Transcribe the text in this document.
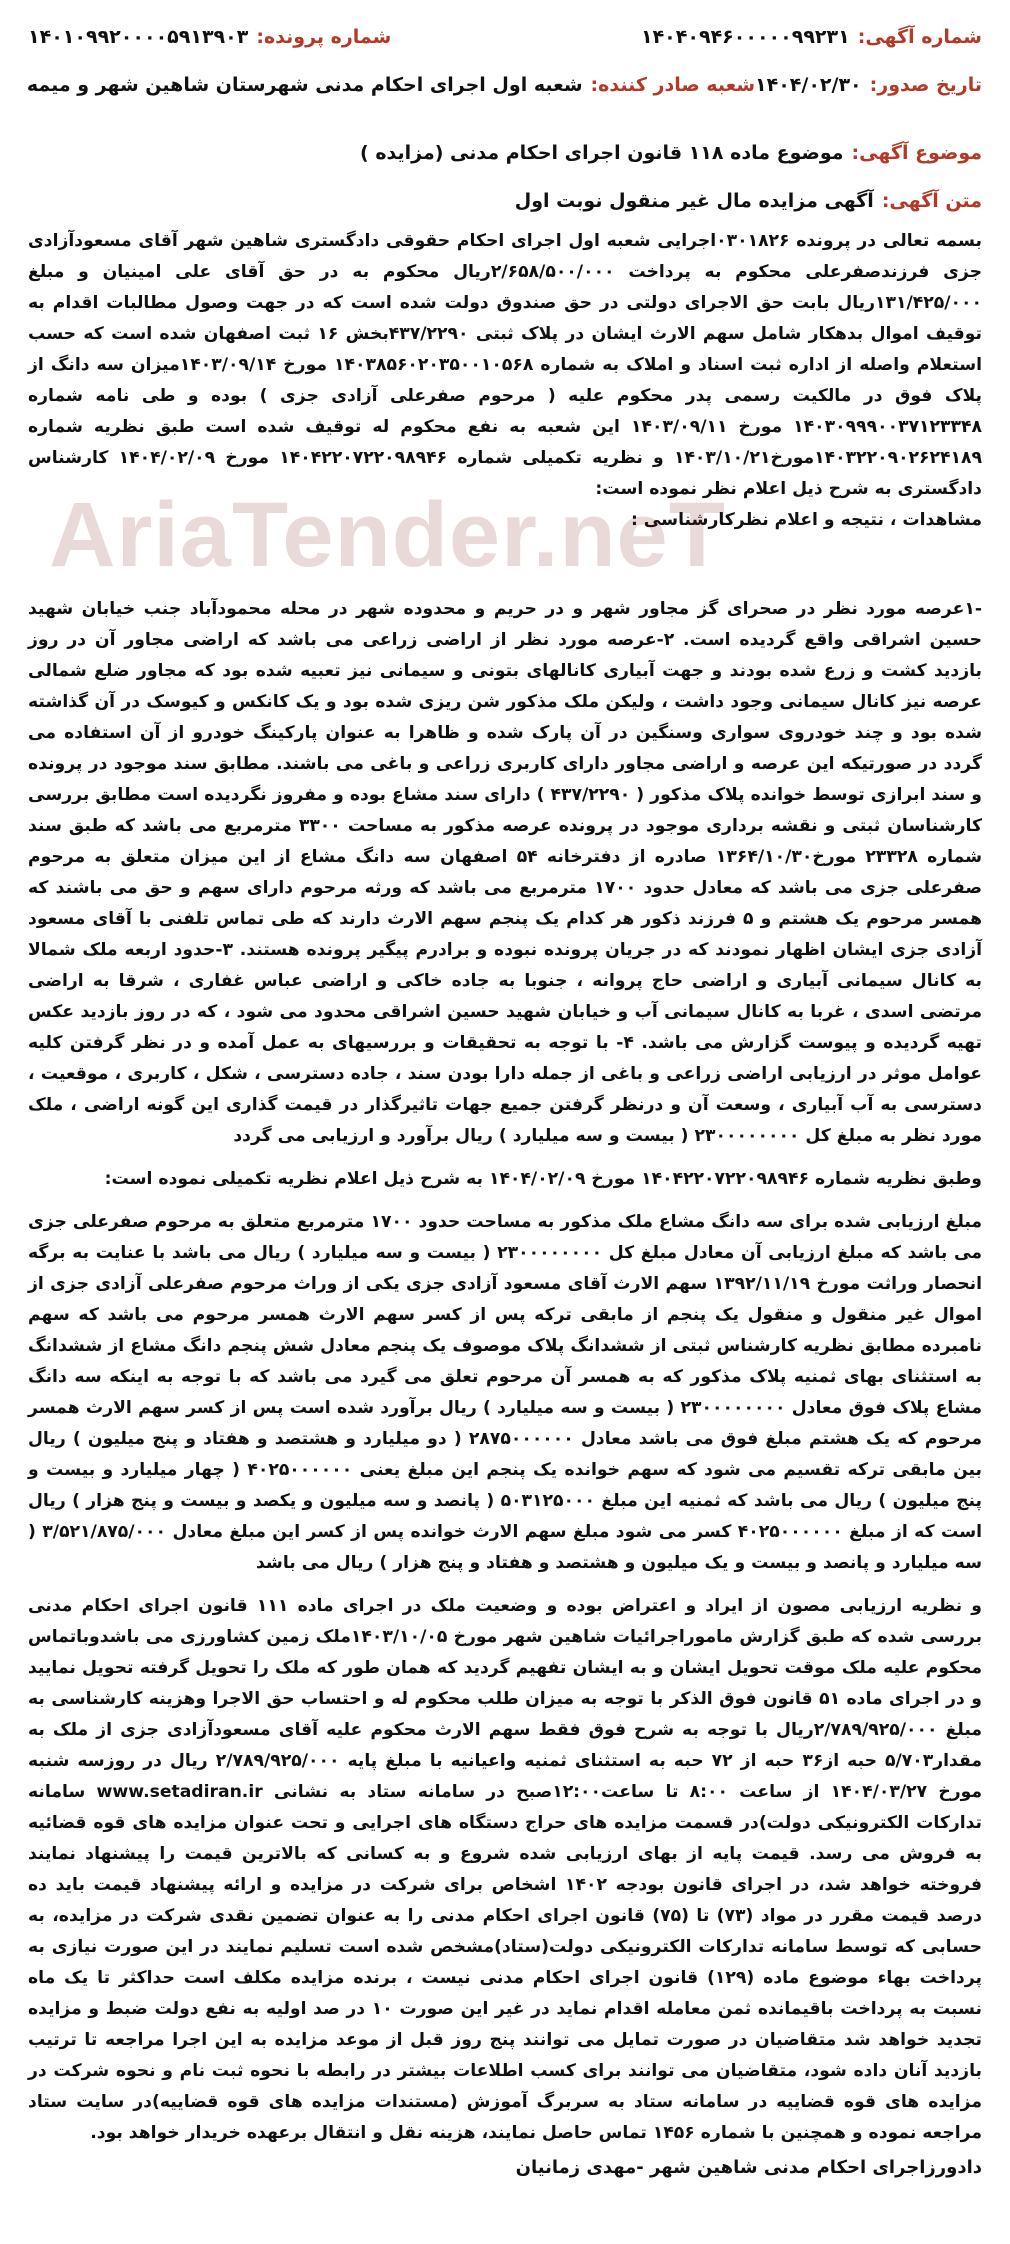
AriaTender.neT
شماره آگهی:
۱۴۰۴۰۹۴۶۰۰۰۰۰۹۹۲۳۱
شماره پرونده:
۱۴۰۱۰۹۹۲۰۰۰۰۵۹۱۳۹۰۳
تاریخ صدور:
۱۴۰۴/۰۲/۳۰
شعبه صادر کننده:
شعبه اول اجرای احکام مدنی شهرستان شاهین شهر و میمه
موضوع آگهی:
موضوع ماده ۱۱۸ قانون اجرای احکام مدنی (مزایده )
متن آگهی:
آگهی مزایده مال غیر منقول نوبت اول

بسمه تعالی در پرونده ۰۳۰۱۸۲۶اجرایی شعبه اول اجرای احکام حقوقی دادگستری شاهین شهر آقای مسعودآزادی جزی فرزندصفرعلی محکوم به پرداخت ۲/۶۵۸/۵۰۰/۰۰۰ریال محکوم به در حق آقای علی امینیان و مبلغ ۱۳۱/۴۲۵/۰۰۰ریال بابت حق الاجرای دولتی در حق صندوق دولت شده است که در جهت وصول مطالبات اقدام به توقیف اموال بدهکار شامل سهم الارث ایشان در پلاک ثبتی ۴۳۷/۲۲۹۰بخش ۱۶ ثبت اصفهان شده است که حسب استعلام واصله از اداره ثبت اسناد و املاک به شماره ۱۴۰۳۸۵۶۰۲۰۳۵۰۰۱۰۵۶۸ مورخ ۱۴۰۳/۰۹/۱۴میزان سه دانگ از پلاک فوق در مالکیت رسمی پدر محکوم علیه ( مرحوم صفرعلی آزادی جزی ) بوده و طی نامه شماره ۱۴۰۳۰۹۹۹۰۰۳۷۱۲۳۳۴۸ مورخ ۱۴۰۳/۰۹/۱۱ این شعبه به نفع محکوم له توقیف شده است طبق نظریه شماره ۱۴۰۳۲۲۰۹۰۲۶۲۴۱۸۹مورخ۱۴۰۳/۱۰/۲۱ و نظریه تکمیلی شماره ۱۴۰۴۲۲۰۷۲۲۰۹۸۹۴۶ مورخ ۱۴۰۴/۰۲/۰۹ کارشناس دادگستری به شرح ذیل اعلام نظر نموده است:

مشاهدات ، نتیجه و اعلام نظرکارشناسی :

-۱عرصه مورد نظر در صحرای گز مجاور شهر و در حریم و محدوده شهر در محله محمودآباد جنب خیابان شهید حسین اشراقی واقع گردیده است. ۲-عرصه مورد نظر از اراضی زراعی می باشد که اراضی مجاور آن در روز بازدید کشت و زرع شده بودند و جهت آبیاری کانالهای بتونی و سیمانی نیز تعبیه شده بود که مجاور ضلع شمالی عرصه نیز کانال سیمانی وجود داشت ، ولیکن ملک مذکور شن ریزی شده بود و یک کانکس و کیوسک در آن گذاشته شده بود و چند خودروی سواری وسنگین در آن پارک شده و ظاهرا به عنوان پارکینگ خودرو از آن استفاده می گردد در صورتیکه این عرصه و اراضی مجاور دارای کاربری زراعی و باغی می باشند. مطابق سند موجود در پرونده و سند ابرازی توسط خوانده پلاک مذکور ( ۴۳۷/۲۲۹۰ ) دارای سند مشاع بوده و مفروز نگردیده است مطابق بررسی کارشناسان ثبتی و نقشه برداری موجود در پرونده عرصه مذکور به مساحت ۳۳۰۰ مترمربع می باشد که طبق سند شماره ۲۳۳۲۸ مورخ۱۳۶۴/۱۰/۳۰ صادره از دفترخانه ۵۴ اصفهان سه دانگ مشاع از این میزان متعلق به مرحوم صفرعلی جزی می باشد که معادل حدود ۱۷۰۰ مترمربع می باشد که ورثه مرحوم دارای سهم و حق می باشند که همسر مرحوم یک هشتم و ۵ فرزند ذکور هر کدام یک پنجم سهم الارث دارند که طی تماس تلفنی با آقای مسعود آزادی جزی ایشان اظهار نمودند که در جریان پرونده نبوده و برادرم پیگیر پرونده هستند. ۳-حدود اربعه ملک شمالا به کانال سیمانی آبیاری و اراضی حاج پروانه ، جنوبا به جاده خاکی و اراضی عباس غفاری ، شرقا به اراضی مرتضی اسدی ، غربا به کانال سیمانی آب و خیابان شهید حسین اشراقی محدود می شود ، که در روز بازدید عکس تهیه گردیده و پیوست گزارش می باشد. ۴- با توجه به تحقیقات و بررسیهای به عمل آمده و در نظر گرفتن کلیه عوامل موثر در ارزیابی اراضی زراعی و باغی از جمله دارا بودن سند ، جاده دسترسی ، شکل ، کاربری ، موقعیت ، دسترسی به آب آبیاری ، وسعت آن و درنظر گرفتن جمیع جهات تاثیرگذار در قیمت گذاری این گونه اراضی ، ملک مورد نظر به مبلغ کل ۲۳۰۰۰۰۰۰۰۰ ( بیست و سه میلیارد ) ریال برآورد و ارزیابی می گردد

وطبق نظریه شماره ۱۴۰۴۲۲۰۷۲۲۰۹۸۹۴۶ مورخ ۱۴۰۴/۰۲/۰۹ به شرح ذیل اعلام نظریه تکمیلی نموده است:

مبلغ ارزیابی شده برای سه دانگ مشاع ملک مذکور به مساحت حدود ۱۷۰۰ مترمربع متعلق به مرحوم صفرعلی جزی می باشد که مبلغ ارزیابی آن معادل مبلغ کل ۲۳۰۰۰۰۰۰۰۰ ( بیست و سه میلیارد ) ریال می باشد با عنایت به برگه انحصار وراثت مورخ ۱۳۹۲/۱۱/۱۹ سهم الارث آقای مسعود آزادی جزی یکی از وراث مرحوم صفرعلی آزادی جزی از اموال غیر منقول و منقول یک پنجم از مابقی ترکه پس از کسر سهم الارث همسر مرحوم می باشد که سهم نامبرده مطابق نظریه کارشناس ثبتی از ششدانگ پلاک موصوف یک پنجم معادل شش پنجم دانگ مشاع از ششدانگ به استثنای بهای ثمنیه پلاک مذکور که به همسر آن مرحوم تعلق می گیرد می باشد که با توجه به اینکه سه دانگ مشاع پلاک فوق معادل ۲۳۰۰۰۰۰۰۰۰ ( بیست و سه میلیارد ) ریال برآورد شده است پس از کسر سهم الارث همسر مرحوم که یک هشتم مبلغ فوق می باشد معادل ۲۸۷۵۰۰۰۰۰۰ ( دو میلیارد و هشتصد و هفتاد و پنج میلیون ) ریال بین مابقی ترکه تقسیم می شود که سهم خوانده یک پنجم این مبلغ یعنی ۴۰۲۵۰۰۰۰۰۰ ( چهار میلیارد و بیست و پنج میلیون ) ریال می باشد که ثمنیه این مبلغ ۵۰۳۱۲۵۰۰۰ ( پانصد و سه میلیون و یکصد و بیست و پنج هزار ) ریال است که از مبلغ ۴۰۲۵۰۰۰۰۰۰ کسر می شود مبلغ سهم الارث خوانده پس از کسر این مبلغ معادل ۳/۵۲۱/۸۷۵/۰۰۰ ( سه میلیارد و پانصد و بیست و یک میلیون و هشتصد و هفتاد و پنج هزار ) ریال می باشد

و نظریه ارزیابی مصون از ایراد و اعتراض بوده و وضعیت ملک در اجرای ماده ۱۱۱ قانون اجرای احکام مدنی بررسی شده که طبق گزارش ماموراجرائیات شاهین شهر مورخ ۱۴۰۳/۱۰/۰۵ملک زمین کشاورزی می باشدوباتماس محکوم علیه ملک موقت تحویل ایشان و به ایشان تفهیم گردید که همان طور که ملک را تحویل گرفته تحویل نمایید و در اجرای ماده ۵۱ قانون فوق الذکر با توجه به میزان طلب محکوم له و احتساب حق الاجرا وهزینه کارشناسی به مبلغ ۲/۷۸۹/۹۲۵/۰۰۰ریال با توجه به شرح فوق فقط سهم الارث محکوم علیه آقای مسعودآزادی جزی از ملک به مقدار۵/۷۰۳ حبه از۳۶ حبه از ۷۲ حبه به استثنای ثمنیه واعیانیه با مبلغ پایه ۲/۷۸۹/۹۲۵/۰۰۰ ریال در روزسه شنبه مورخ ۱۴۰۴/۰۳/۲۷ از ساعت ۸:۰۰ تا ساعت۱۲:۰۰صبح در سامانه ستاد به نشانی www.setadiran.ir سامانه تدارکات الکترونیکی دولت)در قسمت مزایده های حراج دستگاه های اجرایی و تحت عنوان مزایده های قوه قضائیه به فروش می رسد. قیمت پایه از بهای ارزیابی شده شروع و به کسانی که بالاترین قیمت را پیشنهاد نمایند فروخته خواهد شد، در اجرای قانون بودجه ۱۴۰۲ اشخاص برای شرکت در مزایده و ارائه پیشنهاد قیمت باید ده درصد قیمت مقرر در مواد (۷۳) تا (۷۵) قانون اجرای احکام مدنی را به عنوان تضمین نقدی شرکت در مزایده، به حسابی که توسط سامانه تدارکات الکترونیکی دولت(ستاد)مشخص شده است تسلیم نمایند در این صورت نیازی به پرداخت بهاء موضوع ماده (۱۲۹) قانون اجرای احکام مدنی نیست ، برنده مزایده مکلف است حداکثر تا یک ماه نسبت به پرداخت باقیمانده ثمن معامله اقدام نماید در غیر این صورت ۱۰ در صد اولیه به نفع دولت ضبط و مزایده تجدید خواهد شد متقاضیان در صورت تمایل می توانند پنج روز قبل از موعد مزایده به این اجرا مراجعه تا ترتیب بازدید آنان داده شود، متقاضیان می توانند برای کسب اطلاعات بیشتر در رابطه با نحوه ثبت نام و نحوه شرکت در مزایده های قوه قضاییه در سامانه ستاد به سربرگ آموزش (مستندات مزایده های قوه قضاییه)در سایت ستاد مراجعه نموده و همچنین با شماره ۱۴۵۶ تماس حاصل نمایند، هزینه نقل و انتقال برعهده خریدار خواهد بود.

دادورزاجرای احکام مدنی شاهین شهر -مهدی زمانیان
